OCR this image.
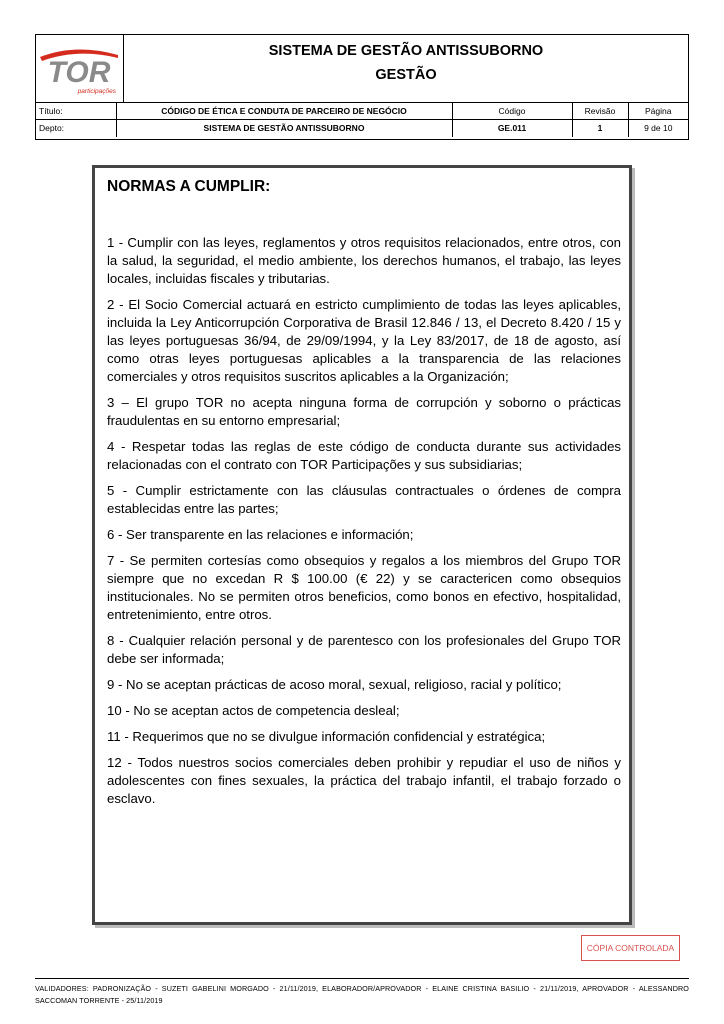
TOR
participações
SISTEMA DE GESTÃO ANTISSUBORNO
GESTÃO
Título:	CÓDIGO DE ÉTICA E CONDUTA DE PARCEIRO DE NEGÓCIO	Código	Revisão	Página
Depto:	SISTEMA DE GESTÃO ANTISSUBORNO	GE.011	1	9 de 10
NORMAS A CUMPLIR:

1 - Cumplir con las leyes, reglamentos y otros requisitos relacionados, entre otros, con la salud, la seguridad, el medio ambiente, los derechos humanos, el trabajo, las leyes locales, incluidas fiscales y tributarias.

2 - El Socio Comercial actuará en estricto cumplimiento de todas las leyes aplicables, incluida la Ley Anticorrupción Corporativa de Brasil 12.846 / 13, el Decreto 8.420 / 15 y las leyes portuguesas 36/94, de 29/09/1994, y la Ley 83/2017, de 18 de agosto, así como otras leyes portuguesas aplicables a la transparencia de las relaciones comerciales y otros requisitos suscritos aplicables a la Organización;

3 – El grupo TOR no acepta ninguna forma de corrupción y soborno o prácticas fraudulentas en su entorno empresarial;

4 - Respetar todas las reglas de este código de conducta durante sus actividades relacionadas con el contrato con TOR Participações y sus subsidiarias;

5 - Cumplir estrictamente con las cláusulas contractuales o órdenes de compra establecidas entre las partes;

6 - Ser transparente en las relaciones e información;

7 - Se permiten cortesías como obsequios y regalos a los miembros del Grupo TOR siempre que no excedan R $ 100.00 (€ 22) y se caractericen como obsequios institucionales. No se permiten otros beneficios, como bonos en efectivo, hospitalidad, entretenimiento, entre otros.

8 - Cualquier relación personal y de parentesco con los profesionales del Grupo TOR debe ser informada;

9 - No se aceptan prácticas de acoso moral, sexual, religioso, racial y político;

10 - No se aceptan actos de competencia desleal;

11 - Requerimos que no se divulgue información confidencial y estratégica;

12 - Todos nuestros socios comerciales deben prohibir y repudiar el uso de niños y adolescentes con fines sexuales, la práctica del trabajo infantil, el trabajo forzado o esclavo.

CÓPIA CONTROLADA
VALIDADORES: PADRONIZAÇÃO - SUZETI GABELINI MORGADO - 21/11/2019, ELABORADOR/APROVADOR - ELAINE CRISTINA BASILIO - 21/11/2019, APROVADOR - ALESSANDRO SACCOMAN TORRENTE - 25/11/2019
